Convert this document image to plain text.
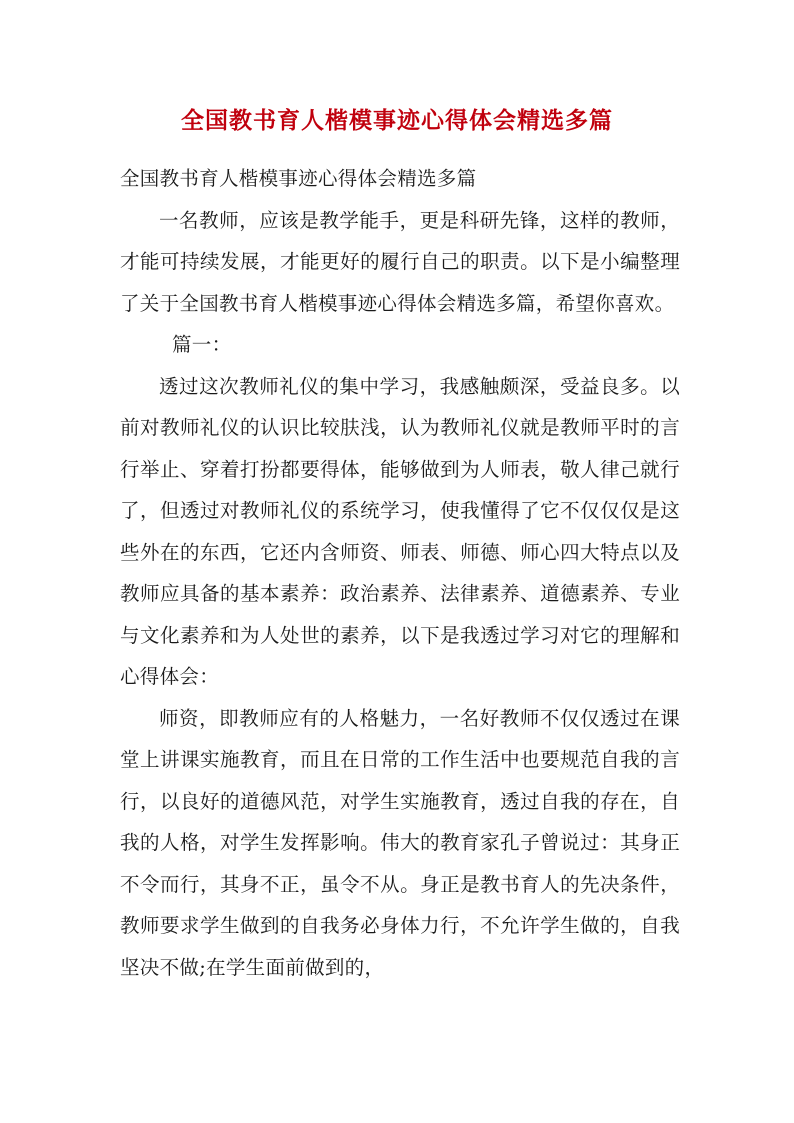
全国教书育人楷模事迹心得体会精选多篇

全国教书育人楷模事迹心得体会精选多篇

一名教师，应该是教学能手，更是科研先锋，这样的教师，才能可持续发展，才能更好的履行自己的职责。以下是小编整理了关于全国教书育人楷模事迹心得体会精选多篇，希望你喜欢。

篇一：

透过这次教师礼仪的集中学习，我感触颇深，受益良多。以前对教师礼仪的认识比较肤浅，认为教师礼仪就是教师平时的言行举止、穿着打扮都要得体，能够做到为人师表，敬人律己就行了，但透过对教师礼仪的系统学习，使我懂得了它不仅仅仅是这些外在的东西，它还内含师资、师表、师德、师心四大特点以及教师应具备的基本素养：政治素养、法律素养、道德素养、专业与文化素养和为人处世的素养，以下是我透过学习对它的理解和心得体会：

师资，即教师应有的人格魅力，一名好教师不仅仅透过在课堂上讲课实施教育，而且在日常的工作生活中也要规范自我的言行，以良好的道德风范，对学生实施教育，透过自我的存在，自我的人格，对学生发挥影响。伟大的教育家孔子曾说过：其身正不令而行，其身不正，虽令不从。身正是教书育人的先决条件，教师要求学生做到的自我务必身体力行，不允许学生做的，自我坚决不做;在学生面前做到的，
